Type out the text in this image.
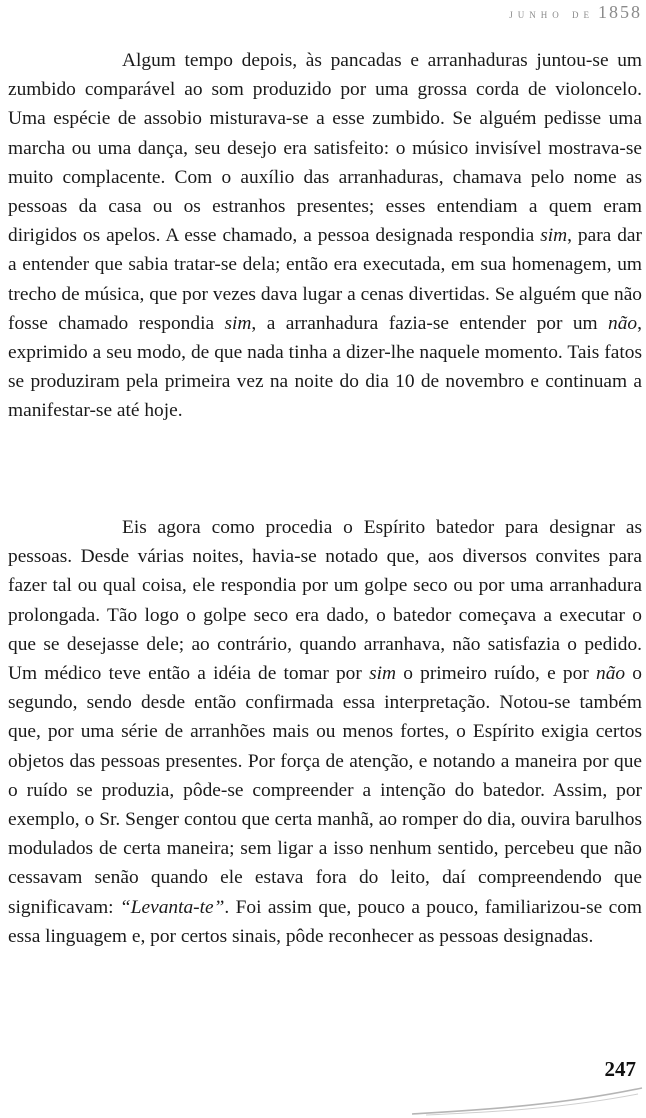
junho de 1858

Algum tempo depois, às pancadas e arranhaduras juntou-se um zumbido comparável ao som produzido por uma grossa corda de violoncelo. Uma espécie de assobio misturava-se a esse zumbido. Se alguém pedisse uma marcha ou uma dança, seu desejo era satisfeito: o músico invisível mostrava-se muito complacente. Com o auxílio das arranhaduras, chamava pelo nome as pessoas da casa ou os estranhos presentes; esses entendiam a quem eram dirigidos os apelos. A esse chamado, a pessoa designada respondia sim, para dar a entender que sabia tratar-se dela; então era executada, em sua homenagem, um trecho de música, que por vezes dava lugar a cenas divertidas. Se alguém que não fosse chamado respondia sim, a arranhadura fazia-se entender por um não, exprimido a seu modo, de que nada tinha a dizer-lhe naquele momento. Tais fatos se produziram pela primeira vez na noite do dia 10 de novembro e continuam a manifestar-se até hoje.

Eis agora como procedia o Espírito batedor para designar as pessoas. Desde várias noites, havia-se notado que, aos diversos convites para fazer tal ou qual coisa, ele respondia por um golpe seco ou por uma arranhadura prolongada. Tão logo o golpe seco era dado, o batedor começava a executar o que se desejasse dele; ao contrário, quando arranhava, não satisfazia o pedido. Um médico teve então a idéia de tomar por sim o primeiro ruído, e por não o segundo, sendo desde então confirmada essa interpretação. Notou-se também que, por uma série de arranhões mais ou menos fortes, o Espírito exigia certos objetos das pessoas presentes. Por força de atenção, e notando a maneira por que o ruído se produzia, pôde-se compreender a intenção do batedor. Assim, por exemplo, o Sr. Senger contou que certa manhã, ao romper do dia, ouvira barulhos modulados de certa maneira; sem ligar a isso nenhum sentido, percebeu que não cessavam senão quando ele estava fora do leito, daí compreendendo que significavam: “Levanta-te”. Foi assim que, pouco a pouco, familiarizou-se com essa linguagem e, por certos sinais, pôde reconhecer as pessoas designadas.

247
